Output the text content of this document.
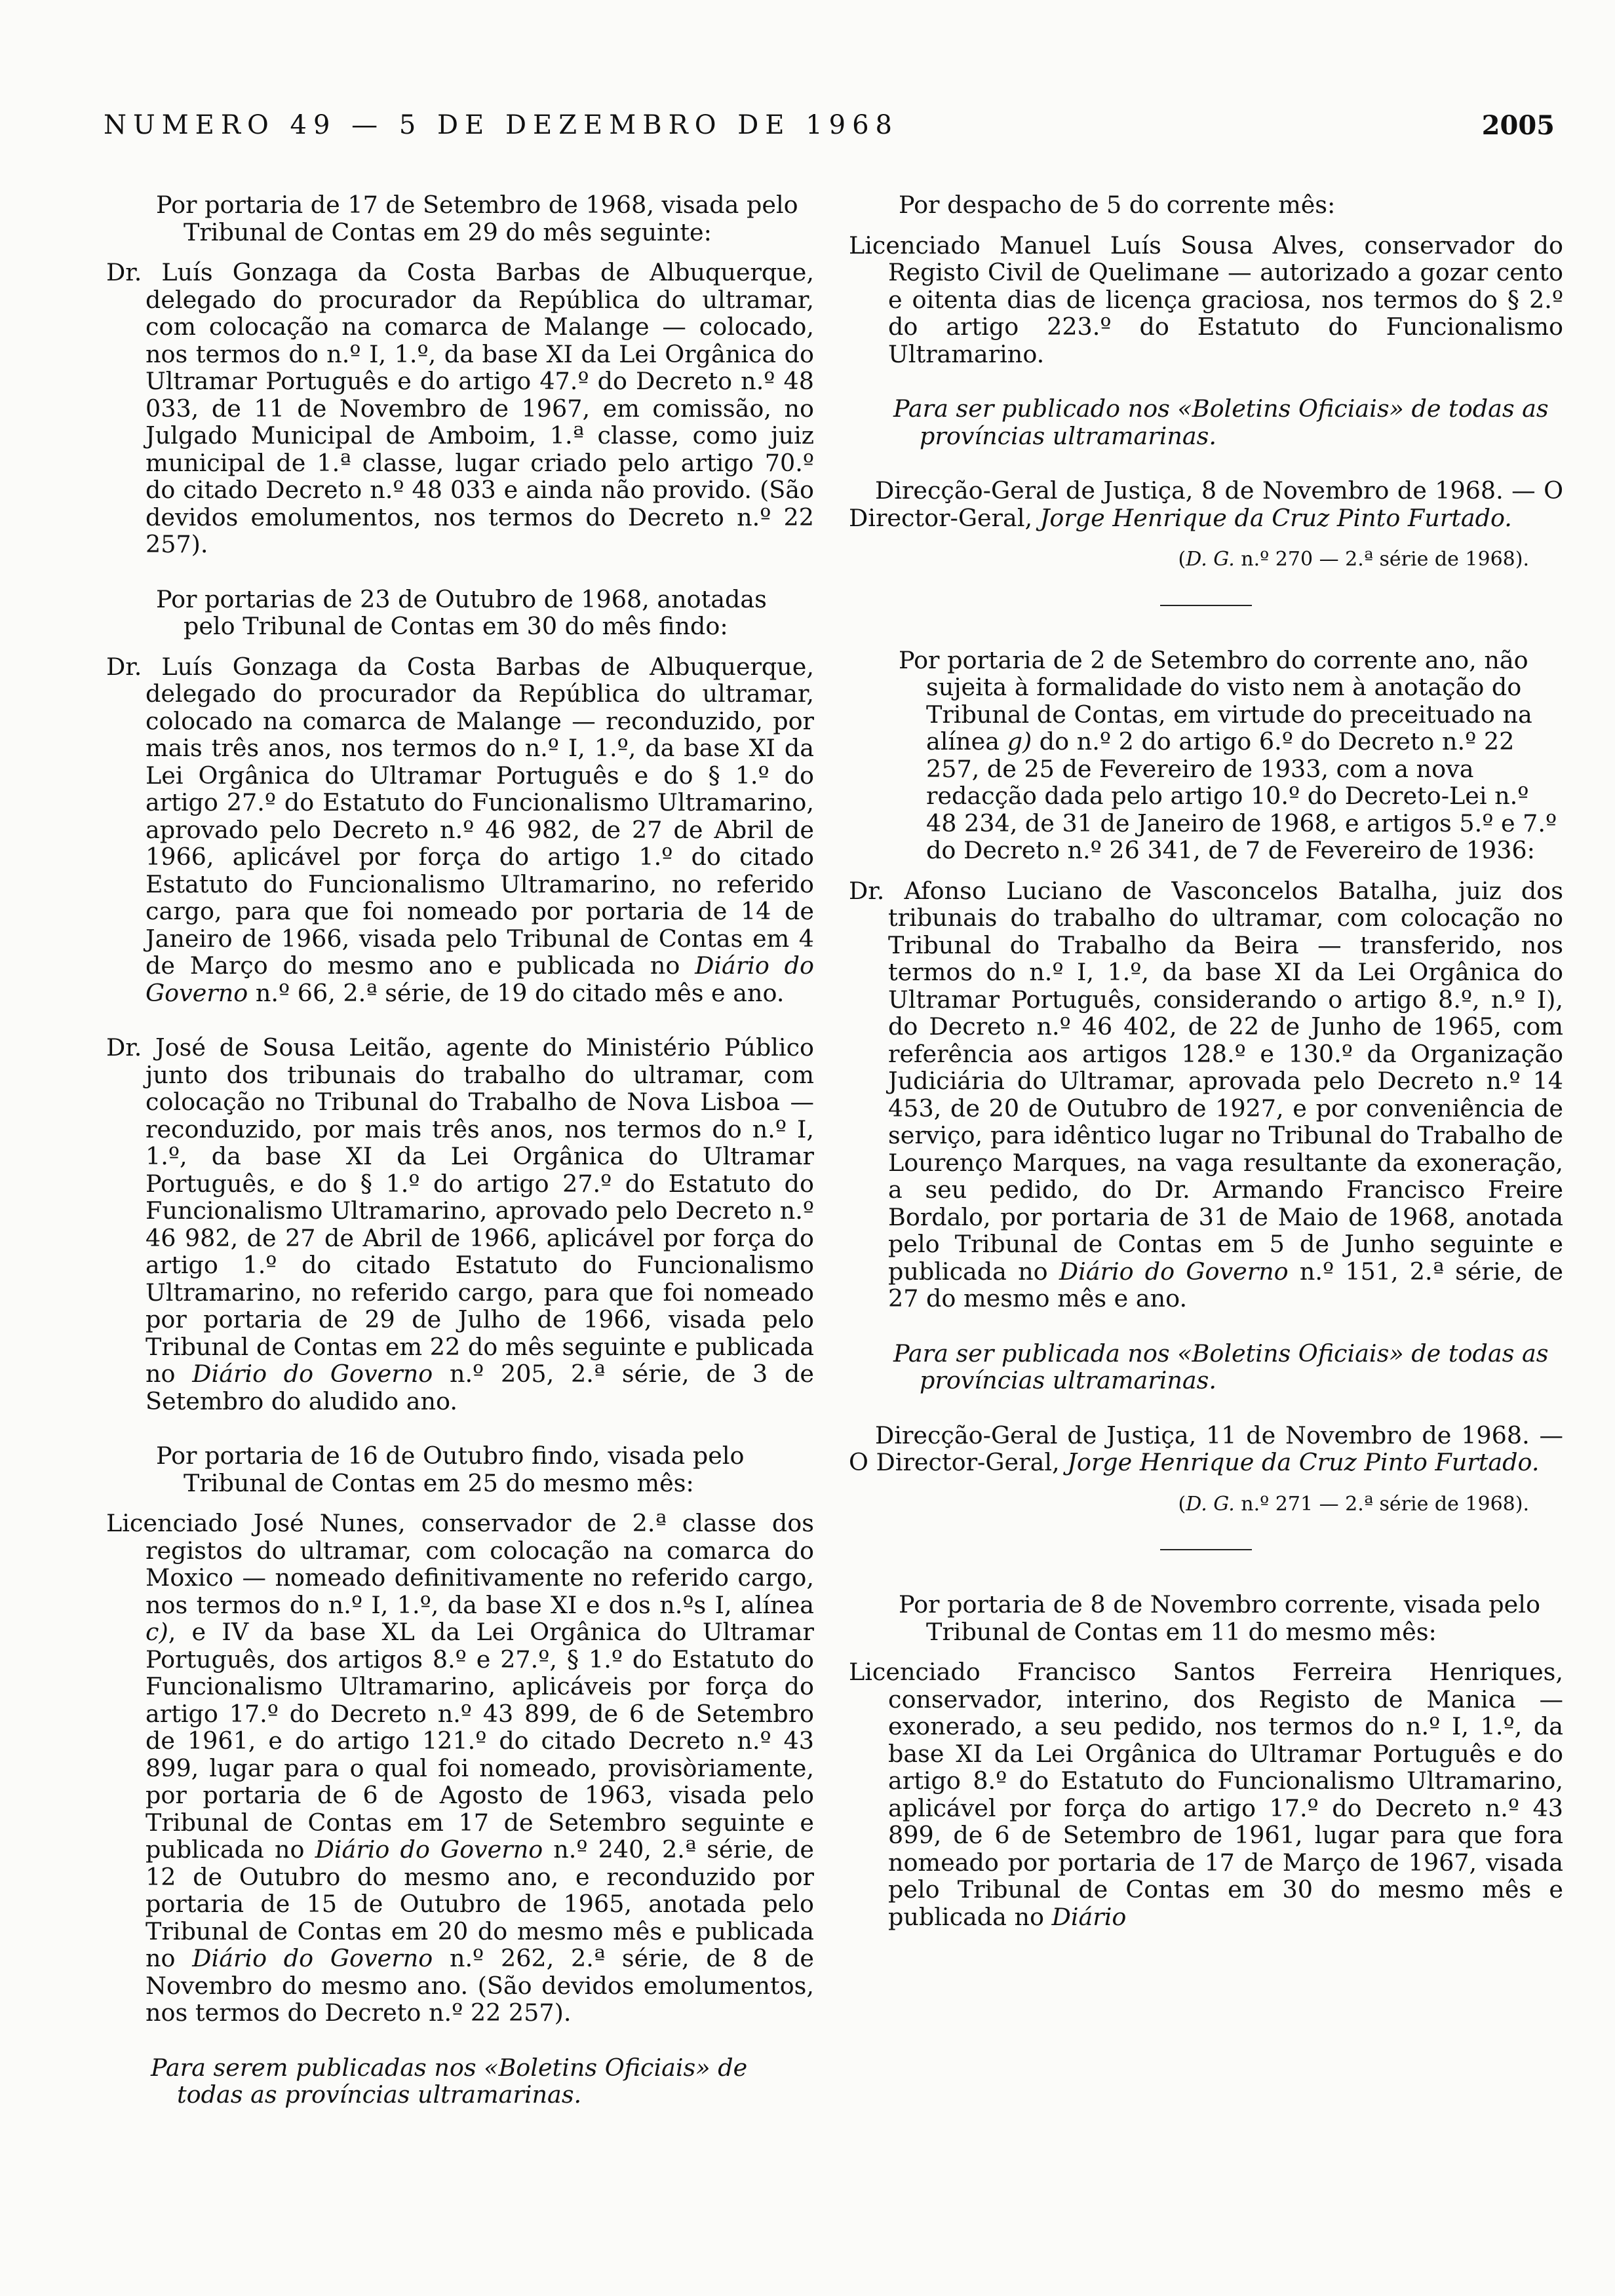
NUMERO 49 — 5 DE DEZEMBRO DE 1968	2005

Por portaria de 17 de Setembro de 1968, visada pelo Tribunal de Contas em 29 do mês seguinte:

Dr. Luís Gonzaga da Costa Barbas de Albuquerque, delegado do procurador da República do ultramar, com colocação na comarca de Malange — colocado, nos termos do n.º I, 1.º, da base XI da Lei Orgânica do Ultramar Português e do artigo 47.º do Decreto n.º 48 033, de 11 de Novembro de 1967, em comissão, no Julgado Municipal de Amboim, 1.ª classe, como juiz municipal de 1.ª classe, lugar criado pelo artigo 70.º do citado Decreto n.º 48 033 e ainda não provido. (São devidos emolumentos, nos termos do Decreto n.º 22 257).

Por portarias de 23 de Outubro de 1968, anotadas pelo Tribunal de Contas em 30 do mês findo:

Dr. Luís Gonzaga da Costa Barbas de Albuquerque, delegado do procurador da República do ultramar, colocado na comarca de Malange — reconduzido, por mais três anos, nos termos do n.º I, 1.º, da base XI da Lei Orgânica do Ultramar Português e do § 1.º do artigo 27.º do Estatuto do Funcionalismo Ultramarino, aprovado pelo Decreto n.º 46 982, de 27 de Abril de 1966, aplicável por força do artigo 1.º do citado Estatuto do Funcionalismo Ultramarino, no referido cargo, para que foi nomeado por portaria de 14 de Janeiro de 1966, visada pelo Tribunal de Contas em 4 de Março do mesmo ano e publicada no Diário do Governo n.º 66, 2.ª série, de 19 do citado mês e ano.

Dr. José de Sousa Leitão, agente do Ministério Público junto dos tribunais do trabalho do ultramar, com colocação no Tribunal do Trabalho de Nova Lisboa — reconduzido, por mais três anos, nos termos do n.º I, 1.º, da base XI da Lei Orgânica do Ultramar Português, e do § 1.º do artigo 27.º do Estatuto do Funcionalismo Ultramarino, aprovado pelo Decreto n.º 46 982, de 27 de Abril de 1966, aplicável por força do artigo 1.º do citado Estatuto do Funcionalismo Ultramarino, no referido cargo, para que foi nomeado por portaria de 29 de Julho de 1966, visada pelo Tribunal de Contas em 22 do mês seguinte e publicada no Diário do Governo n.º 205, 2.ª série, de 3 de Setembro do aludido ano.

Por portaria de 16 de Outubro findo, visada pelo Tribunal de Contas em 25 do mesmo mês:

Licenciado José Nunes, conservador de 2.ª classe dos registos do ultramar, com colocação na comarca do Moxico — nomeado definitivamente no referido cargo, nos termos do n.º I, 1.º, da base XI e dos n.ºs I, alínea c), e IV da base XL da Lei Orgânica do Ultramar Português, dos artigos 8.º e 27.º, § 1.º do Estatuto do Funcionalismo Ultramarino, aplicáveis por força do artigo 17.º do Decreto n.º 43 899, de 6 de Setembro de 1961, e do artigo 121.º do citado Decreto n.º 43 899, lugar para o qual foi nomeado, provisòriamente, por portaria de 6 de Agosto de 1963, visada pelo Tribunal de Contas em 17 de Setembro seguinte e publicada no Diário do Governo n.º 240, 2.ª série, de 12 de Outubro do mesmo ano, e reconduzido por portaria de 15 de Outubro de 1965, anotada pelo Tribunal de Contas em 20 do mesmo mês e publicada no Diário do Governo n.º 262, 2.ª série, de 8 de Novembro do mesmo ano. (São devidos emolumentos, nos termos do Decreto n.º 22 257).

Para serem publicadas nos «Boletins Oficiais» de todas as províncias ultramarinas.

Por despacho de 5 do corrente mês:

Licenciado Manuel Luís Sousa Alves, conservador do Registo Civil de Quelimane — autorizado a gozar cento e oitenta dias de licença graciosa, nos termos do § 2.º do artigo 223.º do Estatuto do Funcionalismo Ultramarino.

Para ser publicado nos «Boletins Oficiais» de todas as províncias ultramarinas.

Direcção-Geral de Justiça, 8 de Novembro de 1968. — O Director-Geral, Jorge Henrique da Cruz Pinto Furtado.

(D. G. n.º 270 — 2.ª série de 1968).

Por portaria de 2 de Setembro do corrente ano, não sujeita à formalidade do visto nem à anotação do Tribunal de Contas, em virtude do preceituado na alínea g) do n.º 2 do artigo 6.º do Decreto n.º 22 257, de 25 de Fevereiro de 1933, com a nova redacção dada pelo artigo 10.º do Decreto-Lei n.º 48 234, de 31 de Janeiro de 1968, e artigos 5.º e 7.º do Decreto n.º 26 341, de 7 de Fevereiro de 1936:

Dr. Afonso Luciano de Vasconcelos Batalha, juiz dos tribunais do trabalho do ultramar, com colocação no Tribunal do Trabalho da Beira — transferido, nos termos do n.º I, 1.º, da base XI da Lei Orgânica do Ultramar Português, considerando o artigo 8.º, n.º I), do Decreto n.º 46 402, de 22 de Junho de 1965, com referência aos artigos 128.º e 130.º da Organização Judiciária do Ultramar, aprovada pelo Decreto n.º 14 453, de 20 de Outubro de 1927, e por conveniência de serviço, para idêntico lugar no Tribunal do Trabalho de Lourenço Marques, na vaga resultante da exoneração, a seu pedido, do Dr. Armando Francisco Freire Bordalo, por portaria de 31 de Maio de 1968, anotada pelo Tribunal de Contas em 5 de Junho seguinte e publicada no Diário do Governo n.º 151, 2.ª série, de 27 do mesmo mês e ano.

Para ser publicada nos «Boletins Oficiais» de todas as províncias ultramarinas.

Direcção-Geral de Justiça, 11 de Novembro de 1968. — O Director-Geral, Jorge Henrique da Cruz Pinto Furtado.

(D. G. n.º 271 — 2.ª série de 1968).

Por portaria de 8 de Novembro corrente, visada pelo Tribunal de Contas em 11 do mesmo mês:

Licenciado Francisco Santos Ferreira Henriques, conservador, interino, dos Registo de Manica — exonerado, a seu pedido, nos termos do n.º I, 1.º, da base XI da Lei Orgânica do Ultramar Português e do artigo 8.º do Estatuto do Funcionalismo Ultramarino, aplicável por força do artigo 17.º do Decreto n.º 43 899, de 6 de Setembro de 1961, lugar para que fora nomeado por portaria de 17 de Março de 1967, visada pelo Tribunal de Contas em 30 do mesmo mês e publicada no Diário
